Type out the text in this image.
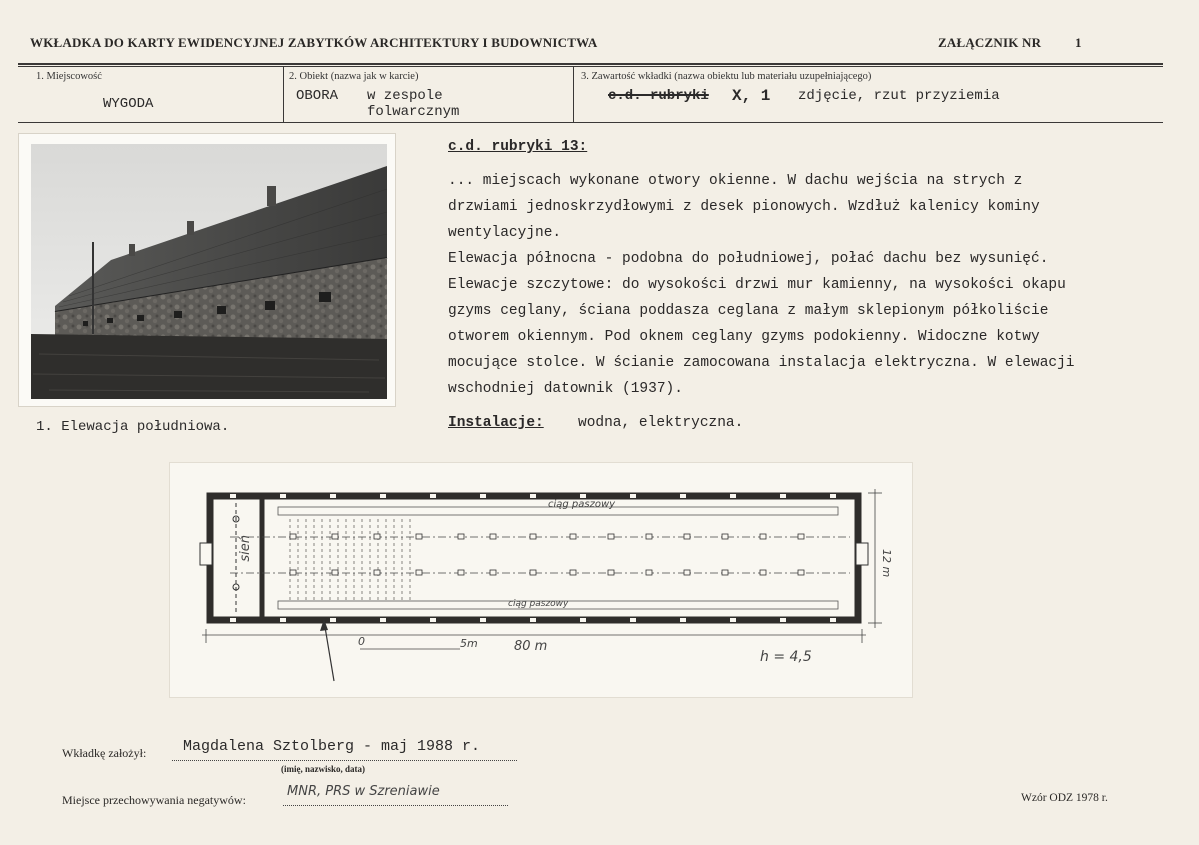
WKŁADKA DO KARTY EWIDENCYJNEJ ZABYTKÓW ARCHITEKTURY I BUDOWNICTWA	ZAŁĄCZNIK NR	1
1. Miejscowość
WYGODA
2. Obiekt (nazwa jak w karcie)
OBORA w zespole
folwarcznym
3. Zawartość wkładki (nazwa obiektu lub materiału uzupełniającego)
c.d. rubryki X, 1 zdjęcie, rzut przyziemia
1. Elewacja południowa.
c.d. rubryki 13:
... miejscach wykonane otwory okienne. W dachu wejścia na strych z
drzwiami jednoskrzydłowymi z desek pionowych. Wzdłuż kalenicy kominy
wentylacyjne.
Elewacja północna - podobna do południowej, połać dachu bez wysunięć.
Elewacje szczytowe: do wysokości drzwi mur kamienny, na wysokości okapu
gzyms ceglany, ściana poddasza ceglana z małym sklepionym półkoliście
otworem okiennym. Pod oknem ceglany gzyms podokienny. Widoczne kotwy
mocujące stolce. W ścianie zamocowana instalacja elektryczna. W elewacji
wschodniej datownik (1937).
Instalacje: wodna, elektryczna.
ciąg paszowy
ciąg paszowy
sień
0	5m	80 m
12 m
h = 4,5
Wkładkę założył: Magdalena Sztolberg - maj 1988 r.
(imię, nazwisko, data)
Miejsce przechowywania negatywów:
MNR, PRS w Szreniawie	Wzór ODZ 1978 r.
